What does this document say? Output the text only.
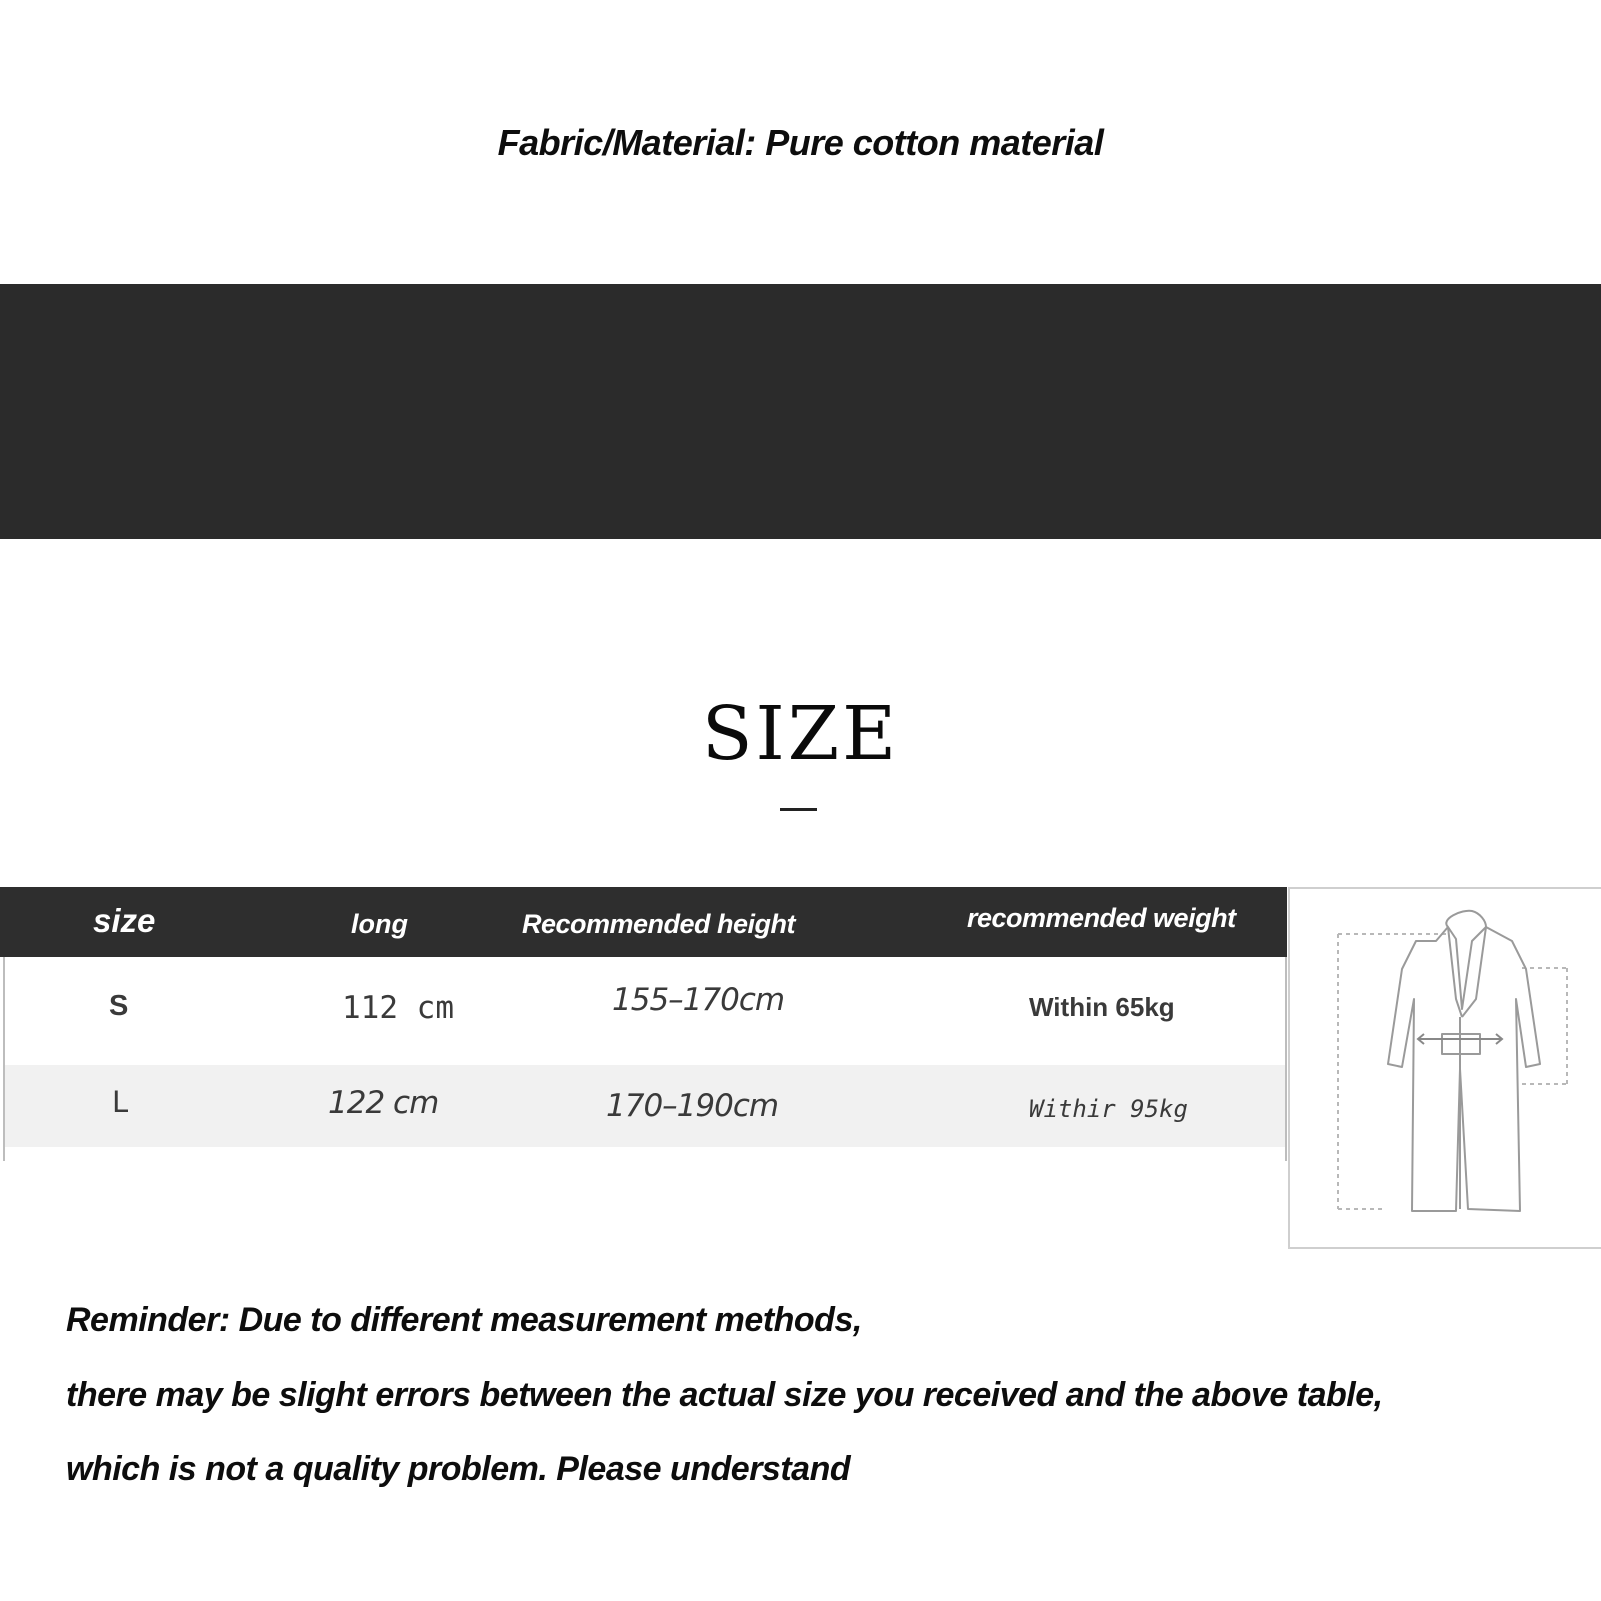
Fabric/Material: Pure cotton material
SIZE
size	long	Recommended height	recommended weight
S	112 cm	155–170cm	Within 65kg
L	122 cm	170–190cm	Withir 95kg
Reminder: Due to different measurement methods,
there may be slight errors between the actual size you received and the above table,
which is not a quality problem. Please understand
